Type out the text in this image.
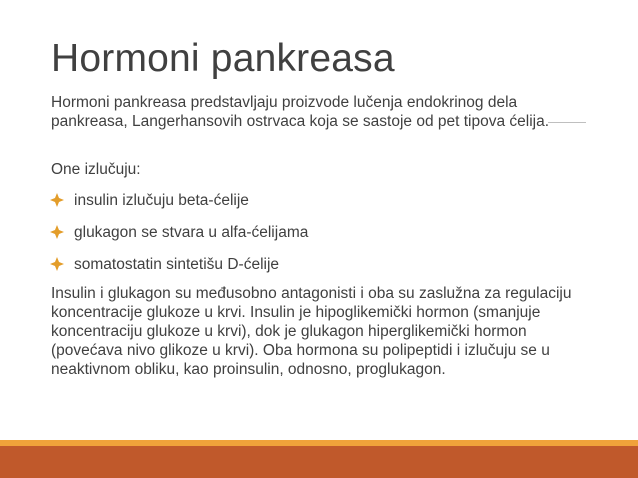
Hormoni pankreasa

Hormoni pankreasa predstavljaju proizvode lučenja endokrinog dela pankreasa, Langerhansovih ostrvaca koja se sastoje od pet tipova ćelija.

One izlučuju:

insulin izlučuju beta-ćelije
glukagon se stvara u alfa-ćelijama
somatostatin sintetišu D-ćelije

Insulin i glukagon su međusobno antagonisti i oba su zaslužna za regulaciju koncentracije glukoze u krvi. Insulin je hipoglikemički hormon (smanjuje koncentraciju glukoze u krvi), dok je glukagon hiperglikemički hormon (povećava nivo glikoze u krvi). Oba hormona su polipeptidi i izlučuju se u neaktivnom obliku, kao proinsulin, odnosno, proglukagon.
